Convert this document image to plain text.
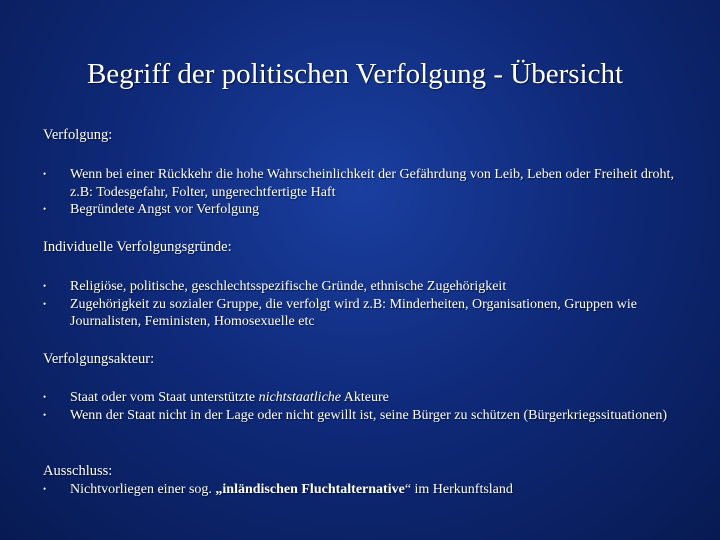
Begriff der politischen Verfolgung - Übersicht
Verfolgung:
• Wenn bei einer Rückkehr die hohe Wahrscheinlichkeit der Gefährdung von Leib, Leben oder Freiheit droht, z.B: Todesgefahr, Folter, ungerechtfertigte Haft
• Begründete Angst vor Verfolgung
Individuelle Verfolgungsgründe:
• Religiöse, politische, geschlechtsspezifische Gründe, ethnische Zugehörigkeit
• Zugehörigkeit zu sozialer Gruppe, die verfolgt wird z.B: Minderheiten, Organisationen, Gruppen wie Journalisten, Feministen, Homosexuelle etc
Verfolgungsakteur:
• Staat oder vom Staat unterstützte nichtstaatliche Akteure
• Wenn der Staat nicht in der Lage oder nicht gewillt ist, seine Bürger zu schützen (Bürgerkriegssituationen)
Ausschluss:
• Nichtvorliegen einer sog. „inländischen Fluchtalternative“ im Herkunftsland
